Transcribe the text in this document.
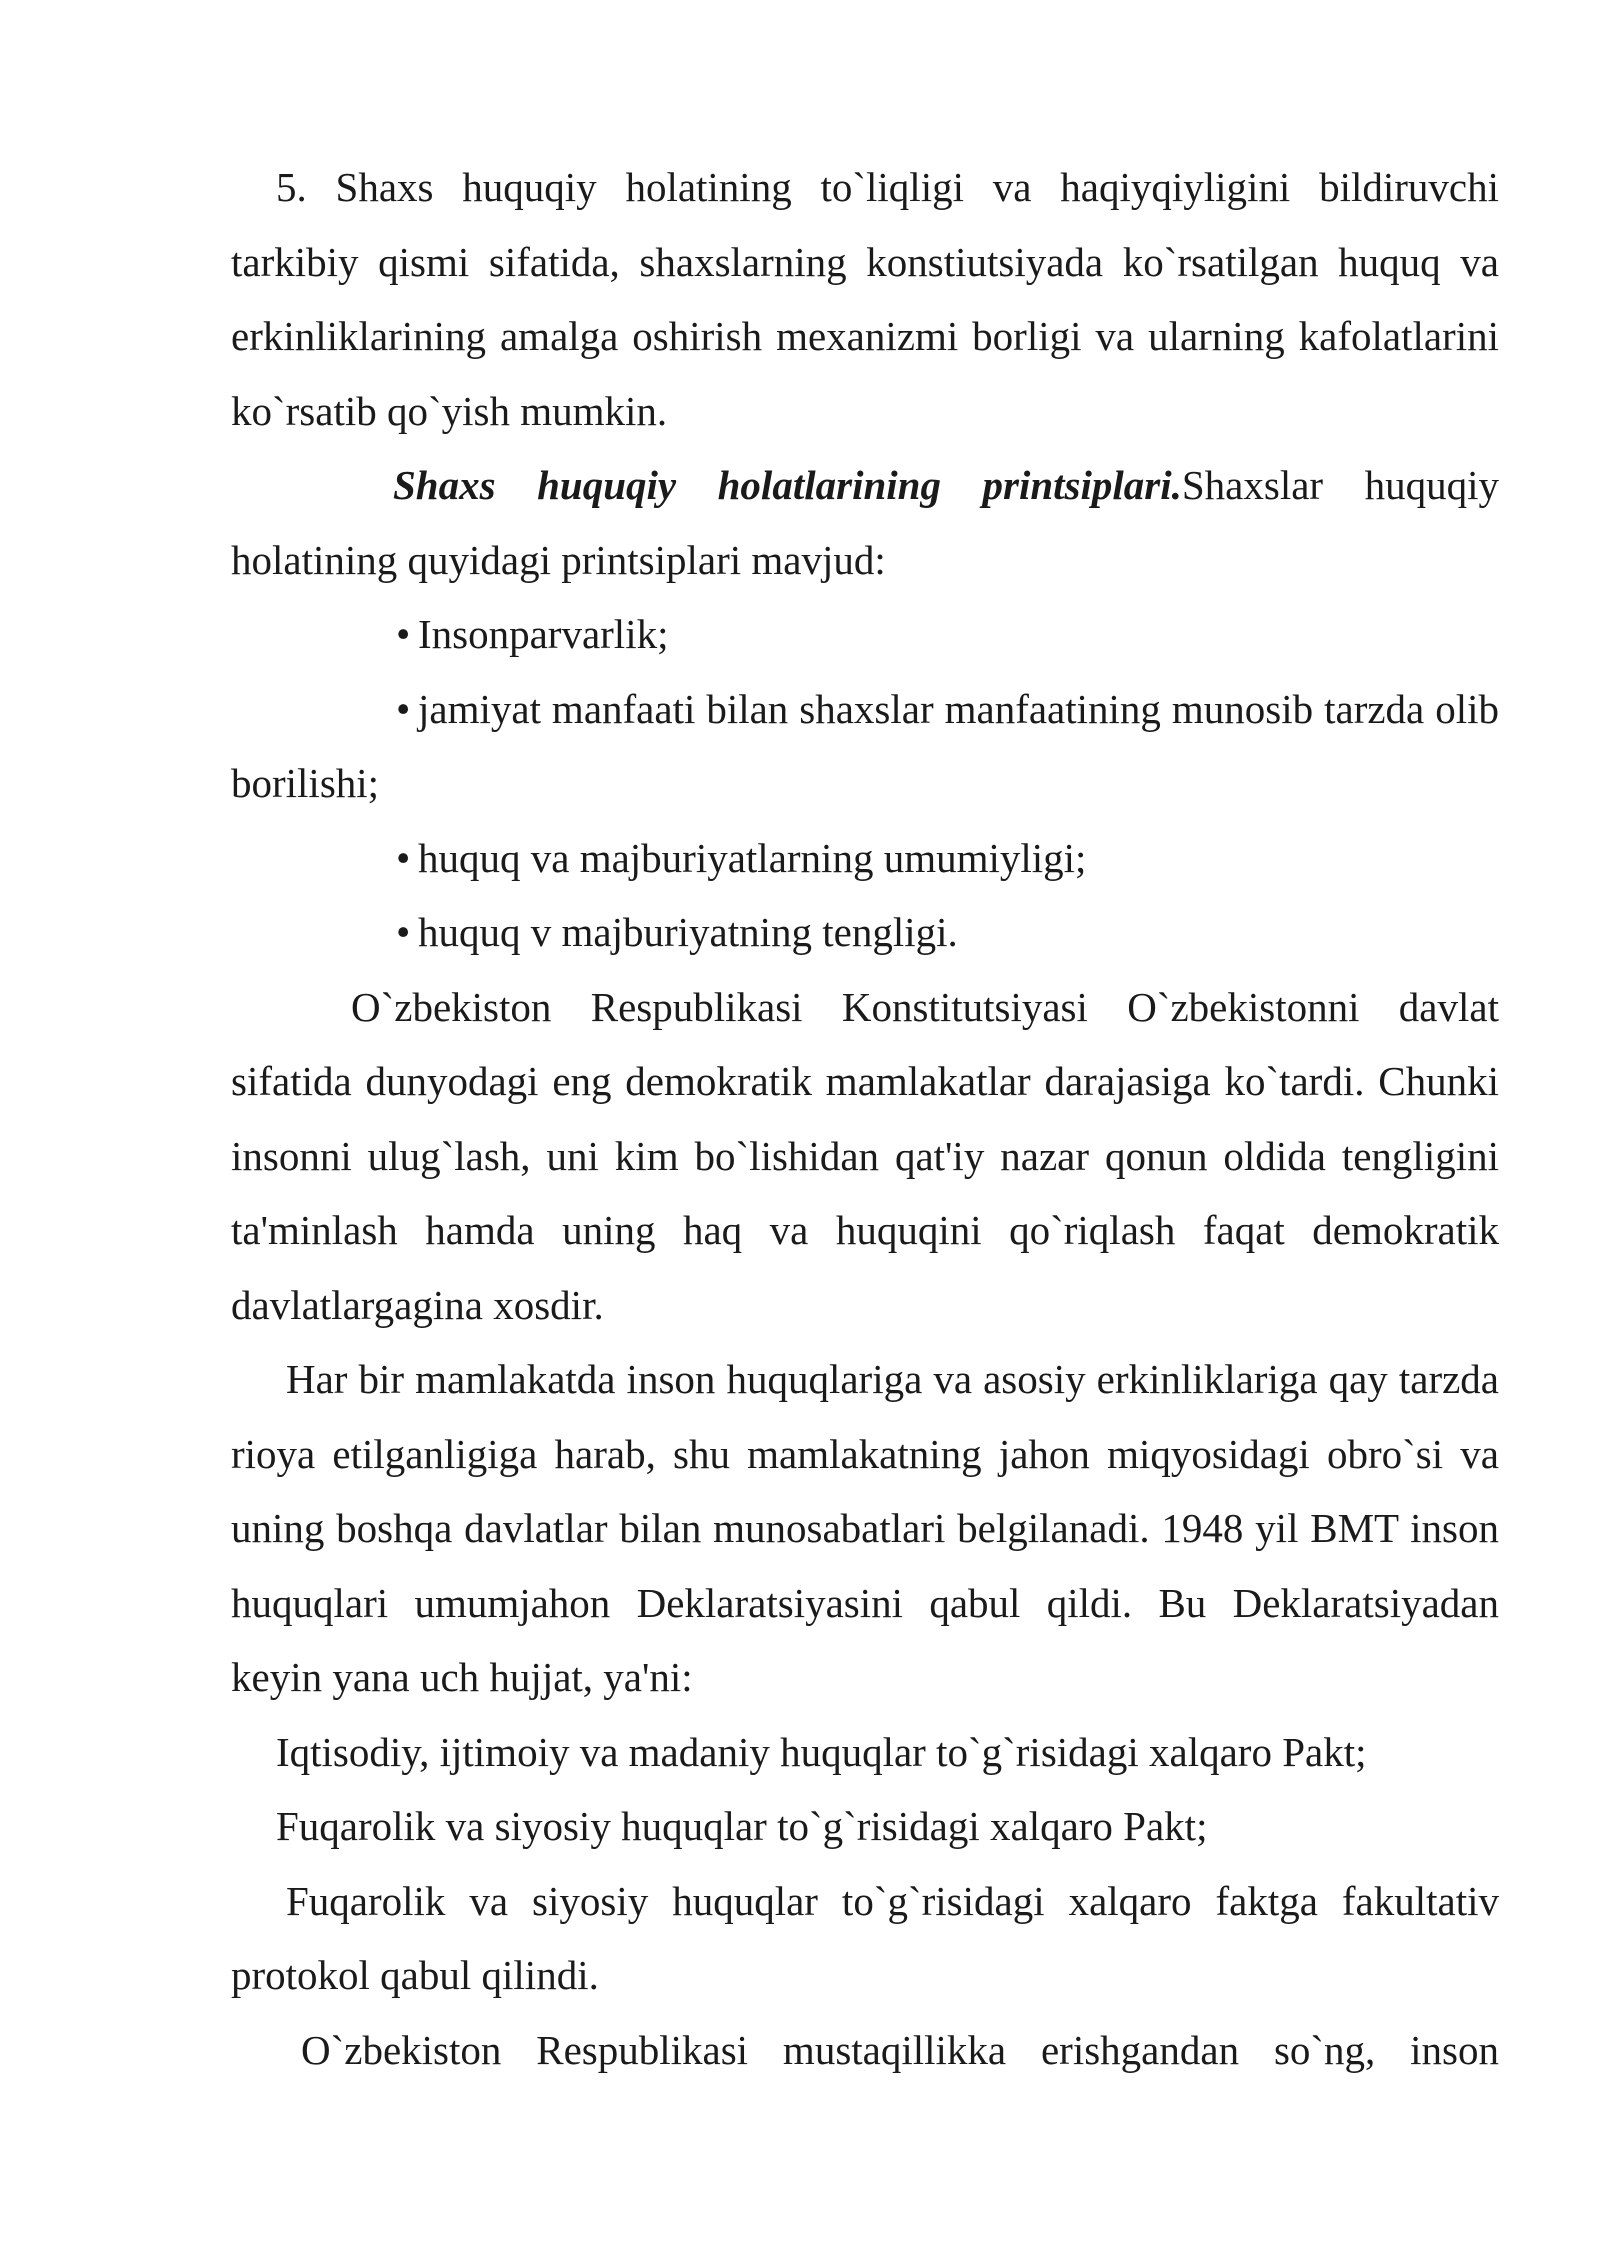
5. Shaxs huquqiy holatining to`liqligi va haqiyqiyligini bildiruvchi tarkibiy qismi sifatida, shaxslarning konstiutsiyada ko`rsatilgan huquq va erkinliklarining amalga oshirish mexanizmi borligi va ularning kafolatlarini ko`rsatib qo`yish mumkin.

Shaxs huquqiy holatlarining printsiplari.Shaxslar huquqiy holatining quyidagi printsiplari mavjud:

• Insonparvarlik;

• jamiyat manfaati bilan shaxslar manfaatining munosib tarzda olib borilishi;

• huquq va majburiyatlarning umumiyligi;

• huquq v majburiyatning tengligi.

O`zbekiston Respublikasi Konstitutsiyasi O`zbekistonni davlat sifatida dunyodagi eng demokratik mamlakatlar darajasiga ko`tardi. Chunki insonni ulug`lash, uni kim bo`lishidan qat'iy nazar qonun oldida tengligini ta'minlash hamda uning haq va huquqini qo`riqlash faqat demokratik davlatlargagina xosdir.

Har bir mamlakatda inson huquqlariga va asosiy erkinliklariga qay tarzda rioya etilganligiga harab, shu mamlakatning jahon miqyosidagi obro`si va uning boshqa davlatlar bilan munosabatlari belgilanadi. 1948 yil BMT inson huquqlari umumjahon Deklaratsiyasini qabul qildi. Bu Deklaratsiyadan keyin yana uch hujjat, ya'ni:

Iqtisodiy, ijtimoiy va madaniy huquqlar to`g`risidagi xalqaro Pakt;

Fuqarolik va siyosiy huquqlar to`g`risidagi xalqaro Pakt;

Fuqarolik va siyosiy huquqlar to`g`risidagi xalqaro faktga fakultativ protokol qabul qilindi.

O`zbekiston Respublikasi mustaqillikka erishgandan so`ng, inson
